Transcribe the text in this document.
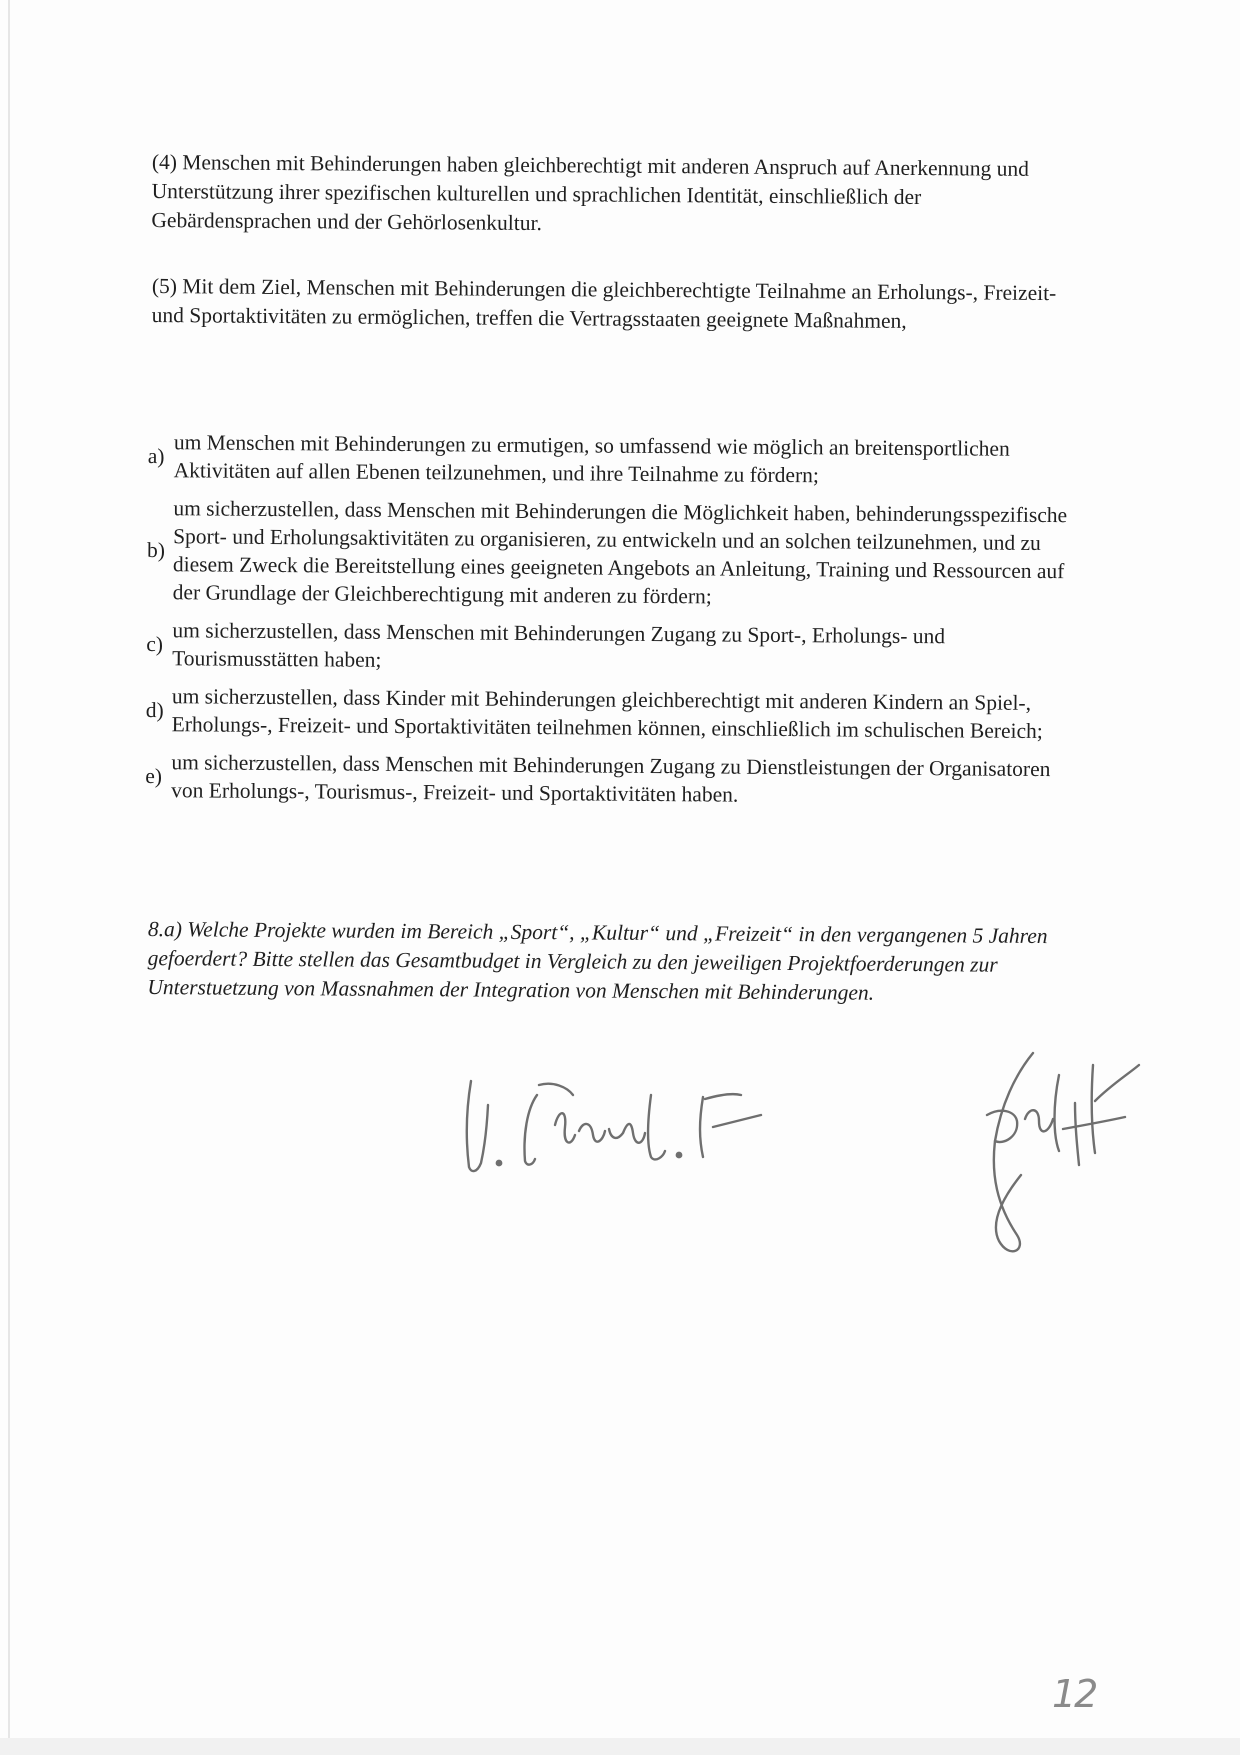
(4) Menschen mit Behinderungen haben gleichberechtigt mit anderen Anspruch auf Anerkennung und Unterstützung ihrer spezifischen kulturellen und sprachlichen Identität, einschließlich der Gebärdensprachen und der Gehörlosenkultur.

(5) Mit dem Ziel, Menschen mit Behinderungen die gleichberechtigte Teilnahme an Erholungs-, Freizeit- und Sportaktivitäten zu ermöglichen, treffen die Vertragsstaaten geeignete Maßnahmen,

a) um Menschen mit Behinderungen zu ermutigen, so umfassend wie möglich an breitensportlichen Aktivitäten auf allen Ebenen teilzunehmen, und ihre Teilnahme zu fördern;
b)
um sicherzustellen, dass Menschen mit Behinderungen die Möglichkeit haben, behinderungsspezifische Sport- und Erholungsaktivitäten zu organisieren, zu entwickeln und an solchen teilzunehmen, und zu diesem Zweck die Bereitstellung eines geeigneten Angebots an Anleitung, Training und Ressourcen auf der Grundlage der Gleichberechtigung mit anderen zu fördern;
c) um sicherzustellen, dass Menschen mit Behinderungen Zugang zu Sport-, Erholungs- und Tourismusstätten haben;
d) um sicherzustellen, dass Kinder mit Behinderungen gleichberechtigt mit anderen Kindern an Spiel-, Erholungs-, Freizeit- und Sportaktivitäten teilnehmen können, einschließlich im schulischen Bereich;
e) um sicherzustellen, dass Menschen mit Behinderungen Zugang zu Dienstleistungen der Organisatoren von Erholungs-, Tourismus-, Freizeit- und Sportaktivitäten haben.

8.a) Welche Projekte wurden im Bereich „Sport“, „Kultur“ und „Freizeit“ in den vergangenen 5 Jahren gefoerdert? Bitte stellen das Gesamtbudget in Vergleich zu den jeweiligen Projektfoerderungen zur Unterstuetzung von Massnahmen der Integration von Menschen mit Behinderungen.

12
